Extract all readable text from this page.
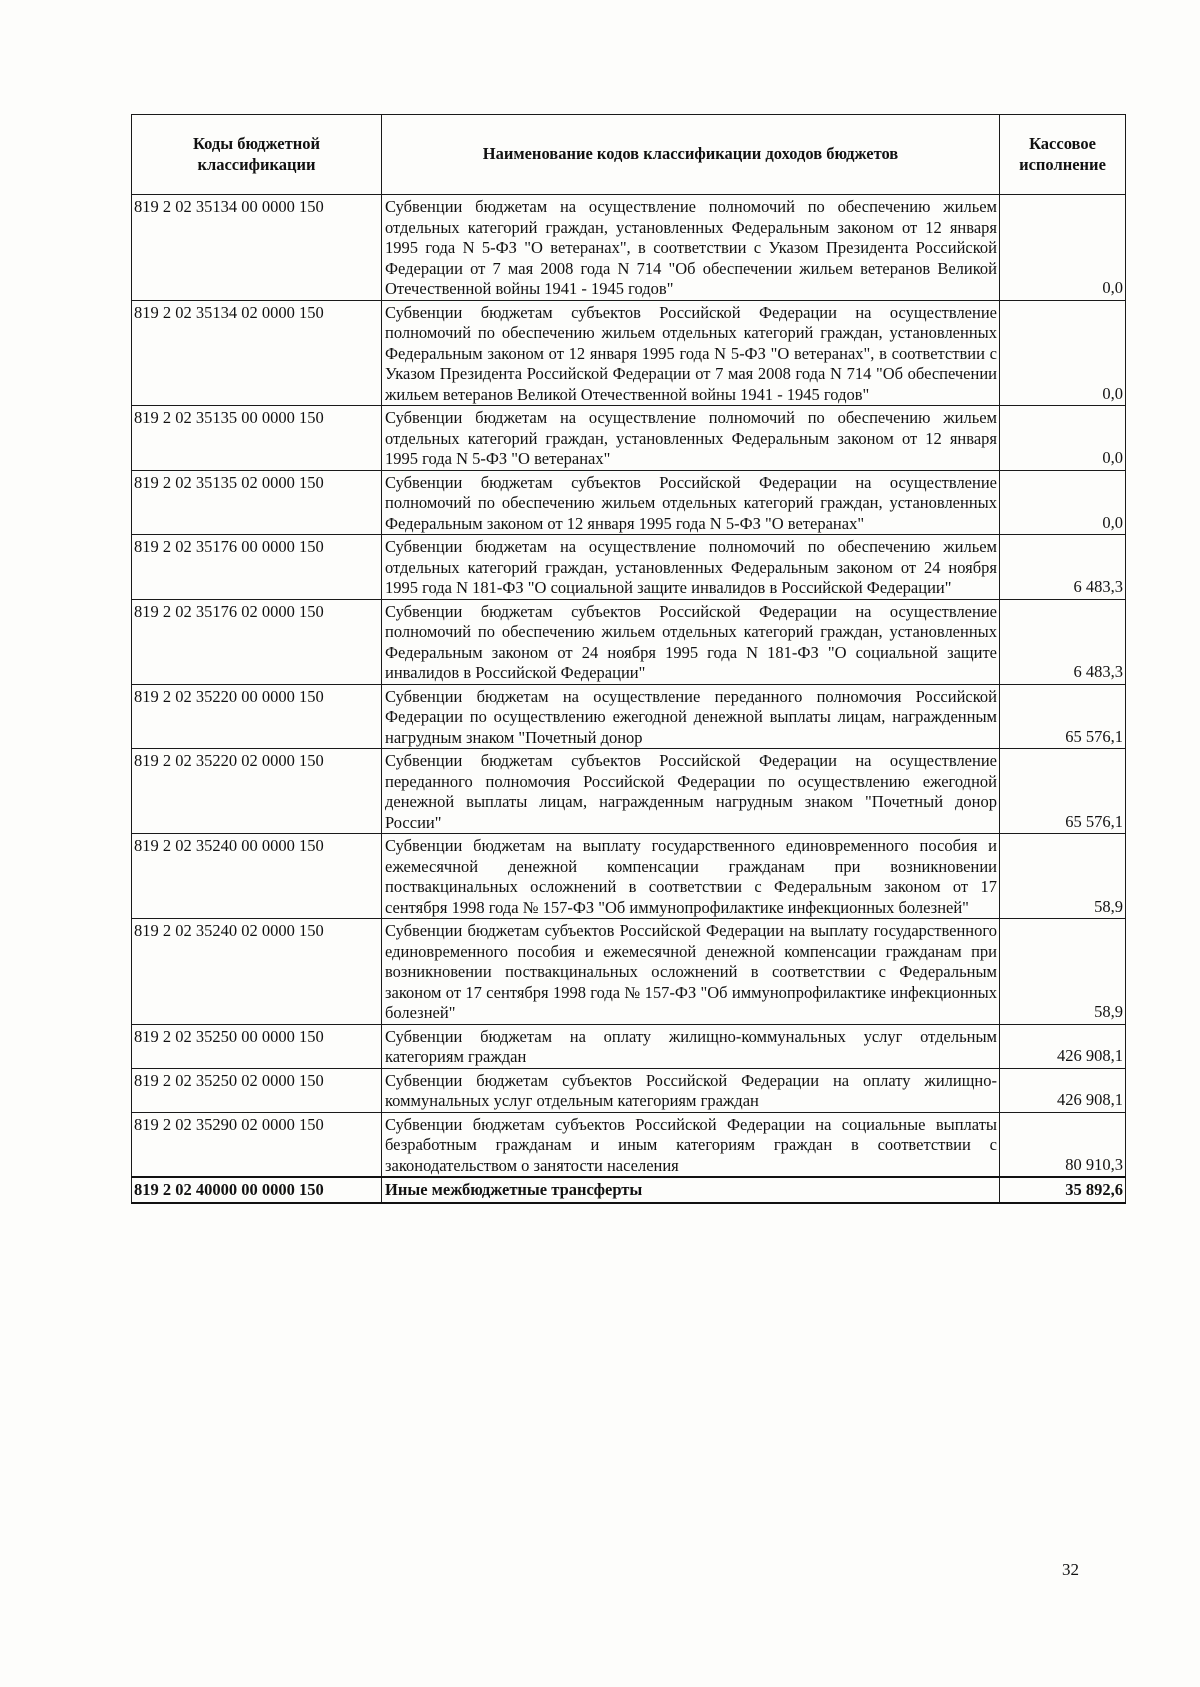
Коды бюджетной классификации	Наименование кодов классификации доходов бюджетов	Кассовое исполнение
819 2 02 35134 00 0000 150	Субвенции бюджетам на осуществление полномочий по обеспечению жильем отдельных категорий граждан, установленных Федеральным законом от 12 января 1995 года N 5-ФЗ "О ветеранах", в соответствии с Указом Президента Российской Федерации от 7 мая 2008 года N 714 "Об обеспечении жильем ветеранов Великой Отечественной войны 1941 - 1945 годов"	0,0
819 2 02 35134 02 0000 150	Субвенции бюджетам субъектов Российской Федерации на осуществление полномочий по обеспечению жильем отдельных категорий граждан, установленных Федеральным законом от 12 января 1995 года N 5-ФЗ "О ветеранах", в соответствии с Указом Президента Российской Федерации от 7 мая 2008 года N 714 "Об обеспечении жильем ветеранов Великой Отечественной войны 1941 - 1945 годов"	0,0
819 2 02 35135 00 0000 150	Субвенции бюджетам на осуществление полномочий по обеспечению жильем отдельных категорий граждан, установленных Федеральным законом от 12 января 1995 года N 5-ФЗ "О ветеранах"	0,0
819 2 02 35135 02 0000 150	Субвенции бюджетам субъектов Российской Федерации на осуществление полномочий по обеспечению жильем отдельных категорий граждан, установленных Федеральным законом от 12 января 1995 года N 5-ФЗ "О ветеранах"	0,0
819 2 02 35176 00 0000 150	Субвенции бюджетам на осуществление полномочий по обеспечению жильем отдельных категорий граждан, установленных Федеральным законом от 24 ноября 1995 года N 181-ФЗ "О социальной защите инвалидов в Российской Федерации"	6 483,3
819 2 02 35176 02 0000 150	Субвенции бюджетам субъектов Российской Федерации на осуществление полномочий по обеспечению жильем отдельных категорий граждан, установленных Федеральным законом от 24 ноября 1995 года N 181-ФЗ "О социальной защите инвалидов в Российской Федерации"	6 483,3
819 2 02 35220 00 0000 150	Субвенции бюджетам на осуществление переданного полномочия Российской Федерации по осуществлению ежегодной денежной выплаты лицам, награжденным нагрудным знаком "Почетный донор	65 576,1
819 2 02 35220 02 0000 150	Субвенции бюджетам субъектов Российской Федерации на осуществление переданного полномочия Российской Федерации по осуществлению ежегодной денежной выплаты лицам, награжденным нагрудным знаком "Почетный донор России"	65 576,1
819 2 02 35240 00 0000 150	Субвенции бюджетам на выплату государственного единовременного пособия и ежемесячной денежной компенсации гражданам при возникновении поствакцинальных осложнений в соответствии с Федеральным законом от 17 сентября 1998 года № 157-ФЗ "Об иммунопрофилактике инфекционных болезней"	58,9
819 2 02 35240 02 0000 150	Субвенции бюджетам субъектов Российской Федерации на выплату государственного единовременного пособия и ежемесячной денежной компенсации гражданам при возникновении поствакцинальных осложнений в соответствии с Федеральным законом от 17 сентября 1998 года № 157-ФЗ "Об иммунопрофилактике инфекционных болезней"	58,9
819 2 02 35250 00 0000 150	Субвенции бюджетам на оплату жилищно-коммунальных услуг отдельным категориям граждан	426 908,1
819 2 02 35250 02 0000 150	Субвенции бюджетам субъектов Российской Федерации на оплату жилищно-коммунальных услуг отдельным категориям граждан	426 908,1
819 2 02 35290 02 0000 150	Субвенции бюджетам субъектов Российской Федерации на социальные выплаты безработным гражданам и иным категориям граждан в соответствии с законодательством о занятости населения	80 910,3
819 2 02 40000 00 0000 150	Иные межбюджетные трансферты	35 892,6
32
